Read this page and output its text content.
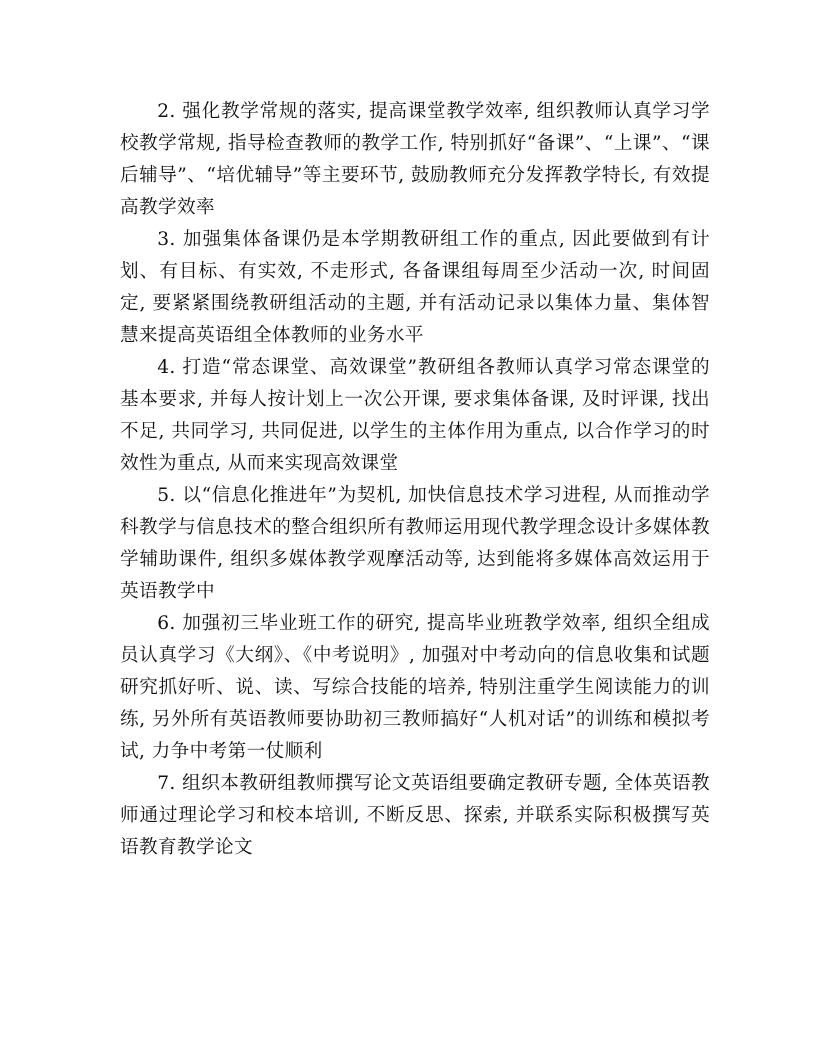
2. 强化教学常规的落实, 提高课堂教学效率, 组织教师认真学习学校教学常规, 指导检查教师的教学工作, 特别抓好“备课”、“上课”、“课后辅导”、“培优辅导”等主要环节, 鼓励教师充分发挥教学特长, 有效提高教学效率

3. 加强集体备课仍是本学期教研组工作的重点, 因此要做到有计划、有目标、有实效, 不走形式, 各备课组每周至少活动一次, 时间固定, 要紧紧围绕教研组活动的主题, 并有活动记录以集体力量、集体智慧来提高英语组全体教师的业务水平

4. 打造“常态课堂、高效课堂”教研组各教师认真学习常态课堂的基本要求, 并每人按计划上一次公开课, 要求集体备课, 及时评课, 找出不足, 共同学习, 共同促进, 以学生的主体作用为重点, 以合作学习的时效性为重点, 从而来实现高效课堂

5. 以“信息化推进年”为契机, 加快信息技术学习进程, 从而推动学科教学与信息技术的整合组织所有教师运用现代教学理念设计多媒体教学辅助课件, 组织多媒体教学观摩活动等, 达到能将多媒体高效运用于英语教学中

6. 加强初三毕业班工作的研究, 提高毕业班教学效率, 组织全组成员认真学习《大纲》、《中考说明》, 加强对中考动向的信息收集和试题研究抓好听、说、读、写综合技能的培养, 特别注重学生阅读能力的训练, 另外所有英语教师要协助初三教师搞好“人机对话”的训练和模拟考试, 力争中考第一仗顺利

7. 组织本教研组教师撰写论文英语组要确定教研专题, 全体英语教师通过理论学习和校本培训, 不断反思、探索, 并联系实际积极撰写英语教育教学论文
